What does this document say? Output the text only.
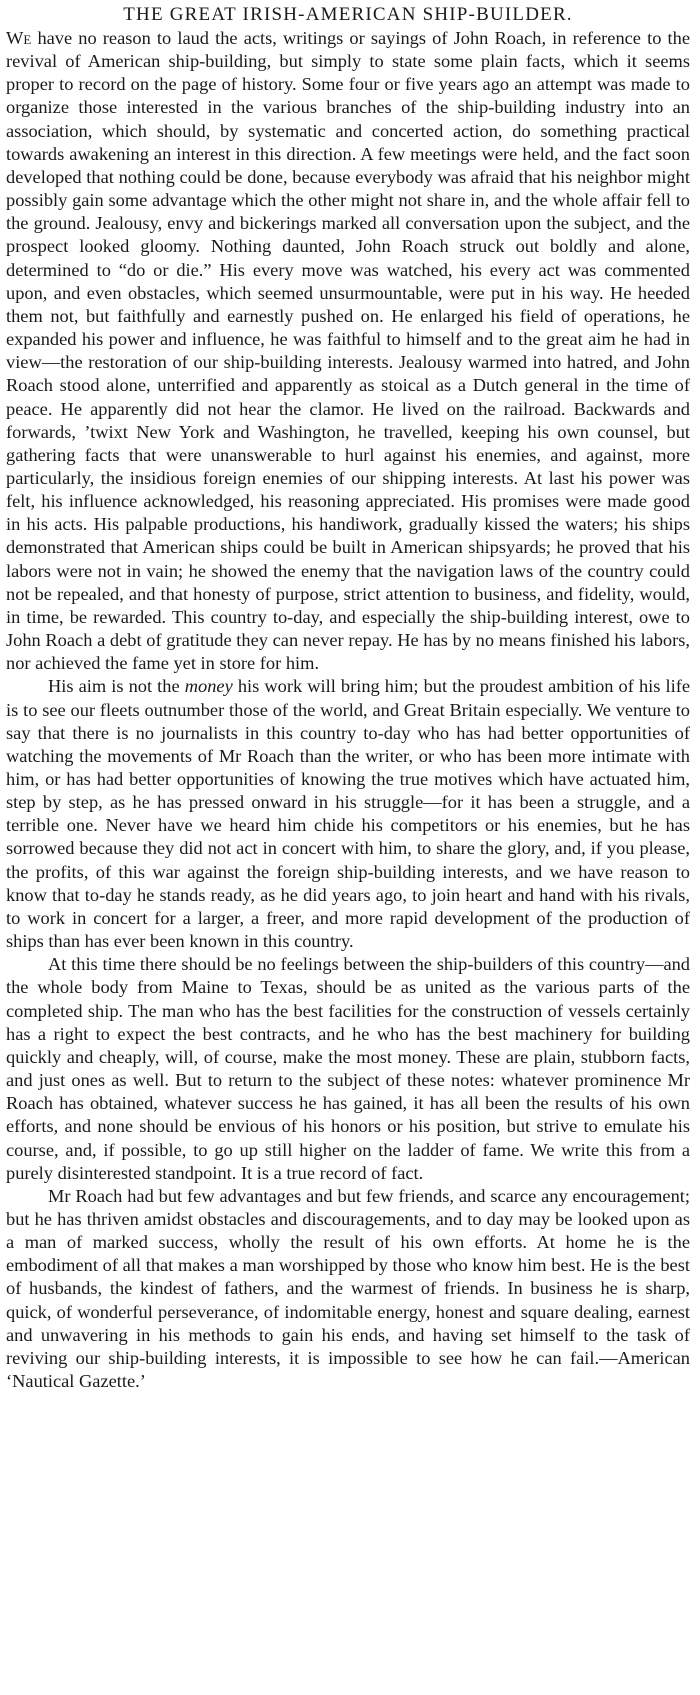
THE GREAT IRISH-AMERICAN SHIP-BUILDER.

We have no reason to laud the acts, writings or sayings of John Roach, in reference to the revival of American ship-building, but simply to state some plain facts, which it seems proper to record on the page of history. Some four or five years ago an attempt was made to organize those interested in the various branches of the ship-building industry into an association, which should, by systematic and concerted action, do something practical towards awakening an interest in this direction. A few meetings were held, and the fact soon developed that nothing could be done, because everybody was afraid that his neighbor might possibly gain some advantage which the other might not share in, and the whole affair fell to the ground. Jealousy, envy and bickerings marked all conversation upon the subject, and the prospect looked gloomy. Nothing daunted, John Roach struck out boldly and alone, determined to “do or die.” His every move was watched, his every act was commented upon, and even obstacles, which seemed unsurmountable, were put in his way. He heeded them not, but faithfully and earnestly pushed on. He enlarged his field of operations, he expanded his power and influence, he was faithful to himself and to the great aim he had in view—the restoration of our ship-building interests. Jealousy warmed into hatred, and John Roach stood alone, unterrified and apparently as stoical as a Dutch general in the time of peace. He apparently did not hear the clamor. He lived on the railroad. Backwards and forwards, ’twixt New York and Washington, he travelled, keeping his own counsel, but gathering facts that were unanswerable to hurl against his enemies, and against, more particularly, the insidious foreign enemies of our shipping interests. At last his power was felt, his influence acknowledged, his reasoning appreciated. His promises were made good in his acts. His palpable productions, his handiwork, gradually kissed the waters; his ships demonstrated that American ships could be built in American shipsyards; he proved that his labors were not in vain; he showed the enemy that the navigation laws of the country could not be repealed, and that honesty of purpose, strict attention to business, and fidelity, would, in time, be rewarded. This country to-day, and especially the ship-building interest, owe to John Roach a debt of gratitude they can never repay. He has by no means finished his labors, nor achieved the fame yet in store for him.

His aim is not the money his work will bring him; but the proudest ambition of his life is to see our fleets outnumber those of the world, and Great Britain especially. We venture to say that there is no journalists in this country to-day who has had better opportunities of watching the movements of Mr Roach than the writer, or who has been more intimate with him, or has had better opportunities of knowing the true motives which have actuated him, step by step, as he has pressed onward in his struggle—for it has been a struggle, and a terrible one. Never have we heard him chide his competitors or his enemies, but he has sorrowed because they did not act in concert with him, to share the glory, and, if you please, the profits, of this war against the foreign ship-building interests, and we have reason to know that to-day he stands ready, as he did years ago, to join heart and hand with his rivals, to work in concert for a larger, a freer, and more rapid development of the production of ships than has ever been known in this country.

At this time there should be no feelings between the ship-builders of this country—and the whole body from Maine to Texas, should be as united as the various parts of the completed ship. The man who has the best facilities for the construction of vessels certainly has a right to expect the best contracts, and he who has the best machinery for building quickly and cheaply, will, of course, make the most money. These are plain, stubborn facts, and just ones as well. But to return to the subject of these notes: whatever prominence Mr Roach has obtained, whatever success he has gained, it has all been the results of his own efforts, and none should be envious of his honors or his position, but strive to emulate his course, and, if possible, to go up still higher on the ladder of fame. We write this from a purely disinterested standpoint. It is a true record of fact.

Mr Roach had but few advantages and but few friends, and scarce any encouragement; but he has thriven amidst obstacles and discouragements, and to day may be looked upon as a man of marked success, wholly the result of his own efforts. At home he is the embodiment of all that makes a man worshipped by those who know him best. He is the best of husbands, the kindest of fathers, and the warmest of friends. In business he is sharp, quick, of wonderful perseverance, of indomitable energy, honest and square dealing, earnest and unwavering in his methods to gain his ends, and having set himself to the task of reviving our ship-building interests, it is impossible to see how he can fail.—American ‘Nautical Gazette.’
